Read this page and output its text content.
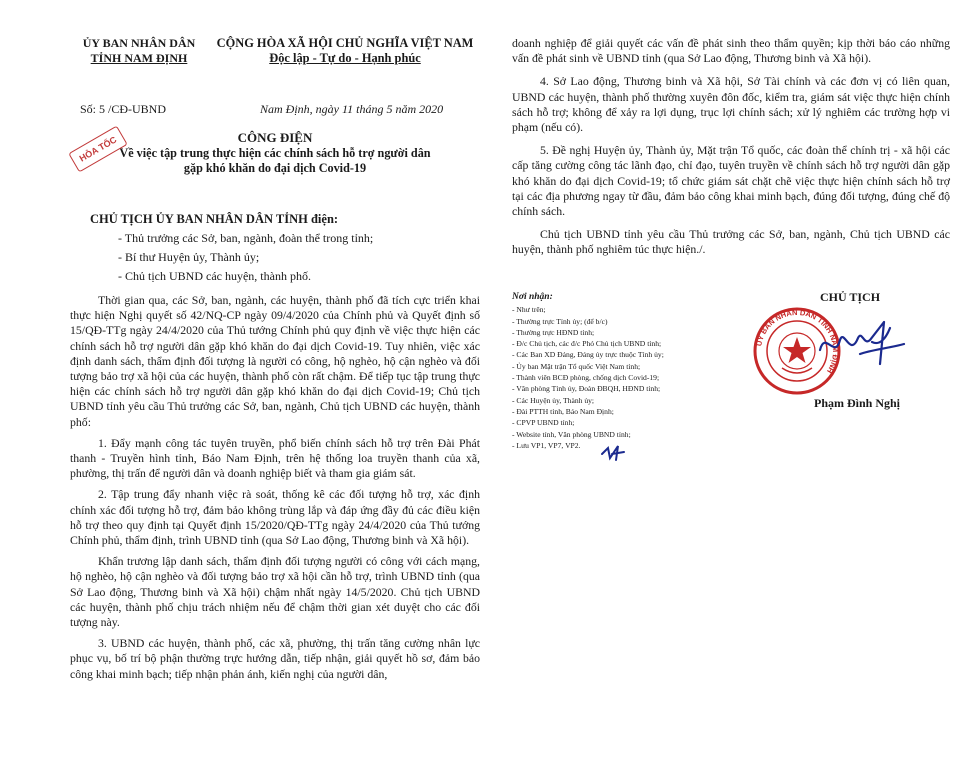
ỦY BAN NHÂN DÂN
TỈNH NAM ĐỊNH
CỘNG HÒA XÃ HỘI CHỦ NGHĨA VIỆT NAM
Độc lập - Tự do - Hạnh phúc
Số: 5 /CĐ-UBND	Nam Định, ngày 11 tháng 5 năm 2020
CÔNG ĐIỆN
Về việc tập trung thực hiện các chính sách hỗ trợ người dân
gặp khó khăn do đại dịch Covid-19
HỎA TỐC
CHỦ TỊCH ỦY BAN NHÂN DÂN TỈNH điện:
- Thủ trưởng các Sở, ban, ngành, đoàn thể trong tỉnh;
- Bí thư Huyện ủy, Thành ủy;
- Chủ tịch UBND các huyện, thành phố.

Thời gian qua, các Sở, ban, ngành, các huyện, thành phố đã tích cực triển khai thực hiện Nghị quyết số 42/NQ-CP ngày 09/4/2020 của Chính phủ và Quyết định số 15/QĐ-TTg ngày 24/4/2020 của Thủ tướng Chính phủ quy định về việc thực hiện các chính sách hỗ trợ người dân gặp khó khăn do đại dịch Covid-19. Tuy nhiên, việc xác định danh sách, thẩm định đối tượng là người có công, hộ nghèo, hộ cận nghèo và đối tượng bảo trợ xã hội của các huyện, thành phố còn rất chậm. Để tiếp tục tập trung thực hiện các chính sách hỗ trợ người dân gặp khó khăn do đại dịch Covid-19; Chủ tịch UBND tỉnh yêu cầu Thủ trưởng các Sở, ban, ngành, Chủ tịch UBND các huyện, thành phố:

1. Đẩy mạnh công tác tuyên truyền, phổ biến chính sách hỗ trợ trên Đài Phát thanh - Truyền hình tỉnh, Báo Nam Định, trên hệ thống loa truyền thanh của xã, phường, thị trấn để người dân và doanh nghiệp biết và tham gia giám sát.

2. Tập trung đẩy nhanh việc rà soát, thống kê các đối tượng hỗ trợ, xác định chính xác đối tượng hỗ trợ, đảm bảo không trùng lắp và đáp ứng đầy đủ các điều kiện hỗ trợ theo quy định tại Quyết định 15/2020/QĐ-TTg ngày 24/4/2020 của Thủ tướng Chính phủ, thẩm định, trình UBND tỉnh (qua Sở Lao động, Thương binh và Xã hội).

Khẩn trương lập danh sách, thẩm định đối tượng người có công với cách mạng, hộ nghèo, hộ cận nghèo và đối tượng bảo trợ xã hội cần hỗ trợ, trình UBND tỉnh (qua Sở Lao động, Thương binh và Xã hội) chậm nhất ngày 14/5/2020. Chủ tịch UBND các huyện, thành phố chịu trách nhiệm nếu để chậm thời gian xét duyệt cho các đối tượng này.

3. UBND các huyện, thành phố, các xã, phường, thị trấn tăng cường nhân lực phục vụ, bố trí bộ phận thường trực hướng dẫn, tiếp nhận, giải quyết hồ sơ, đảm bảo công khai minh bạch; tiếp nhận phản ánh, kiến nghị của người dân,

doanh nghiệp để giải quyết các vấn đề phát sinh theo thẩm quyền; kịp thời báo cáo những vấn đề phát sinh về UBND tỉnh (qua Sở Lao động, Thương binh và Xã hội).

4. Sở Lao động, Thương binh và Xã hội, Sở Tài chính và các đơn vị có liên quan, UBND các huyện, thành phố thường xuyên đôn đốc, kiểm tra, giám sát việc thực hiện chính sách hỗ trợ; không để xảy ra lợi dụng, trục lợi chính sách; xử lý nghiêm các trường hợp vi phạm (nếu có).

5. Đề nghị Huyện ủy, Thành ủy, Mặt trận Tổ quốc, các đoàn thể chính trị - xã hội các cấp tăng cường công tác lãnh đạo, chỉ đạo, tuyên truyền về chính sách hỗ trợ người dân gặp khó khăn do đại dịch Covid-19; tổ chức giám sát chặt chẽ việc thực hiện chính sách hỗ trợ tại các địa phương ngay từ đầu, đảm bảo công khai minh bạch, đúng đối tượng, đúng chế độ chính sách.

Chủ tịch UBND tỉnh yêu cầu Thủ trưởng các Sở, ban, ngành, Chủ tịch UBND các huyện, thành phố nghiêm túc thực hiện./.

Nơi nhận:
- Như trên;
- Thường trực Tỉnh ủy; (để b/c)
- Thường trực HĐND tỉnh;
- Đ/c Chủ tịch, các đ/c Phó Chủ tịch UBND tỉnh;
- Các Ban XD Đảng, Đảng ủy trực thuộc Tỉnh ủy;
- Ủy ban Mặt trận Tổ quốc Việt Nam tỉnh;
- Thành viên BCĐ phòng, chống dịch Covid-19;
- Văn phòng Tỉnh ủy, Đoàn ĐBQH, HĐND tỉnh;
- Các Huyện ủy, Thành ủy;
- Đài PTTH tỉnh, Báo Nam Định;
- CPVP UBND tỉnh;
- Website tỉnh, Văn phòng UBND tỉnh;
- Lưu VP1, VP7, VP2.
CHỦ TỊCH
ỦY BAN NHÂN DÂN TỈNH NAM ĐỊNH
Phạm Đình Nghị
